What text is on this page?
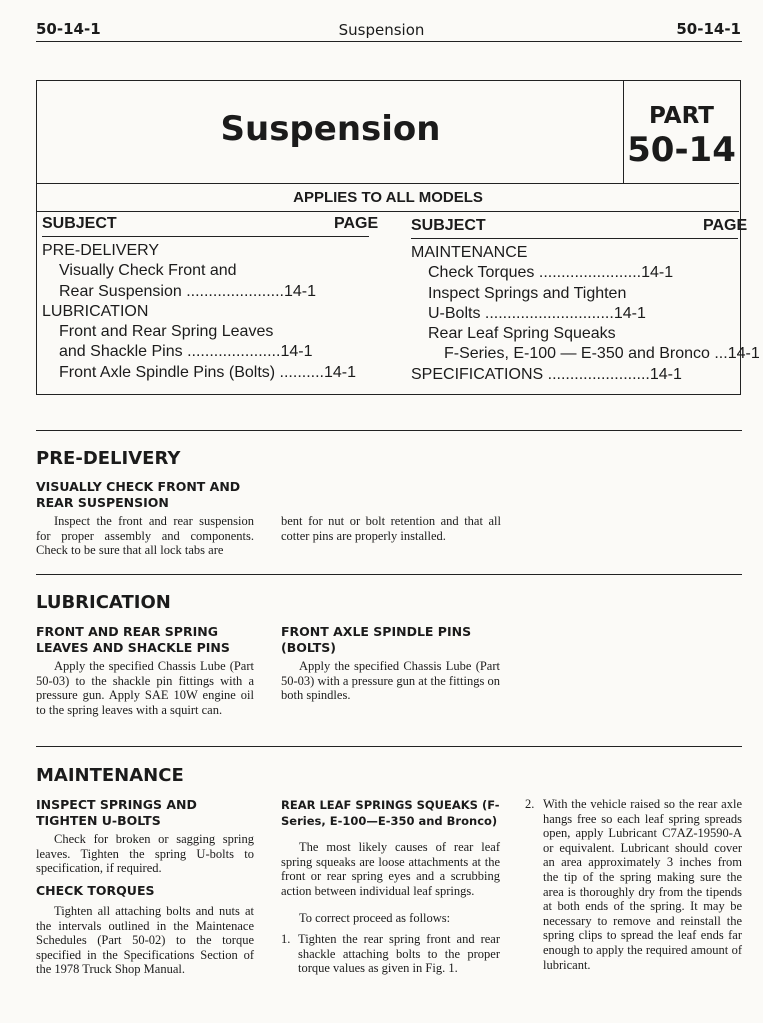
50-14-1	Suspension	50-14-1
Suspension	PART
50-14
APPLIES TO ALL MODELS
SUBJECT	PAGE
PRE-DELIVERY
Visually Check Front and
Rear Suspension ......................14-1
LUBRICATION
Front and Rear Spring Leaves
and Shackle Pins .....................14-1
Front Axle Spindle Pins (Bolts) ..........14-1
SUBJECT	PAGE
MAINTENANCE
Check Torques .......................14-1
Inspect Springs and Tighten
U-Bolts .............................14-1
Rear Leaf Spring Squeaks
F-Series, E-100 — E-350 and Bronco ...14-1
SPECIFICATIONS .......................14-1
PRE-DELIVERY
VISUALLY CHECK FRONT AND REAR SUSPENSION
Inspect the front and rear suspension for proper assembly and components. Check to be sure that all lock tabs are
bent for nut or bolt retention and that all cotter pins are properly installed.
LUBRICATION
FRONT AND REAR SPRING LEAVES AND SHACKLE PINS
Apply the specified Chassis Lube (Part 50-03) to the shackle pin fittings with a pressure gun. Apply SAE 10W engine oil to the spring leaves with a squirt can.
FRONT AXLE SPINDLE PINS (BOLTS)
Apply the specified Chassis Lube (Part 50-03) with a pressure gun at the fittings on both spindles.
MAINTENANCE
INSPECT SPRINGS AND TIGHTEN U-BOLTS
Check for broken or sagging spring leaves. Tighten the spring U-bolts to specification, if required.
CHECK TORQUES
Tighten all attaching bolts and nuts at the intervals outlined in the Maintenace Schedules (Part 50-02) to the torque specified in the Specifications Section of the 1978 Truck Shop Manual.
REAR LEAF SPRINGS SQUEAKS (F-Series, E-100—E-350 and Bronco)
The most likely causes of rear leaf spring squeaks are loose attachments at the front or rear spring eyes and a scrubbing action between individual leaf springs.
To correct proceed as follows:
1. Tighten the rear spring front and rear shackle attaching bolts to the proper torque values as given in Fig. 1.
2. With the vehicle raised so the rear axle hangs free so each leaf spring spreads open, apply Lubricant C7AZ-19590-A or equivalent. Lubricant should cover an area approximately 3 inches from the tip of the spring making sure the area is thoroughly dry from the tipends at both ends of the spring. It may be necessary to remove and reinstall the spring clips to spread the leaf ends far enough to apply the required amount of lubricant.
